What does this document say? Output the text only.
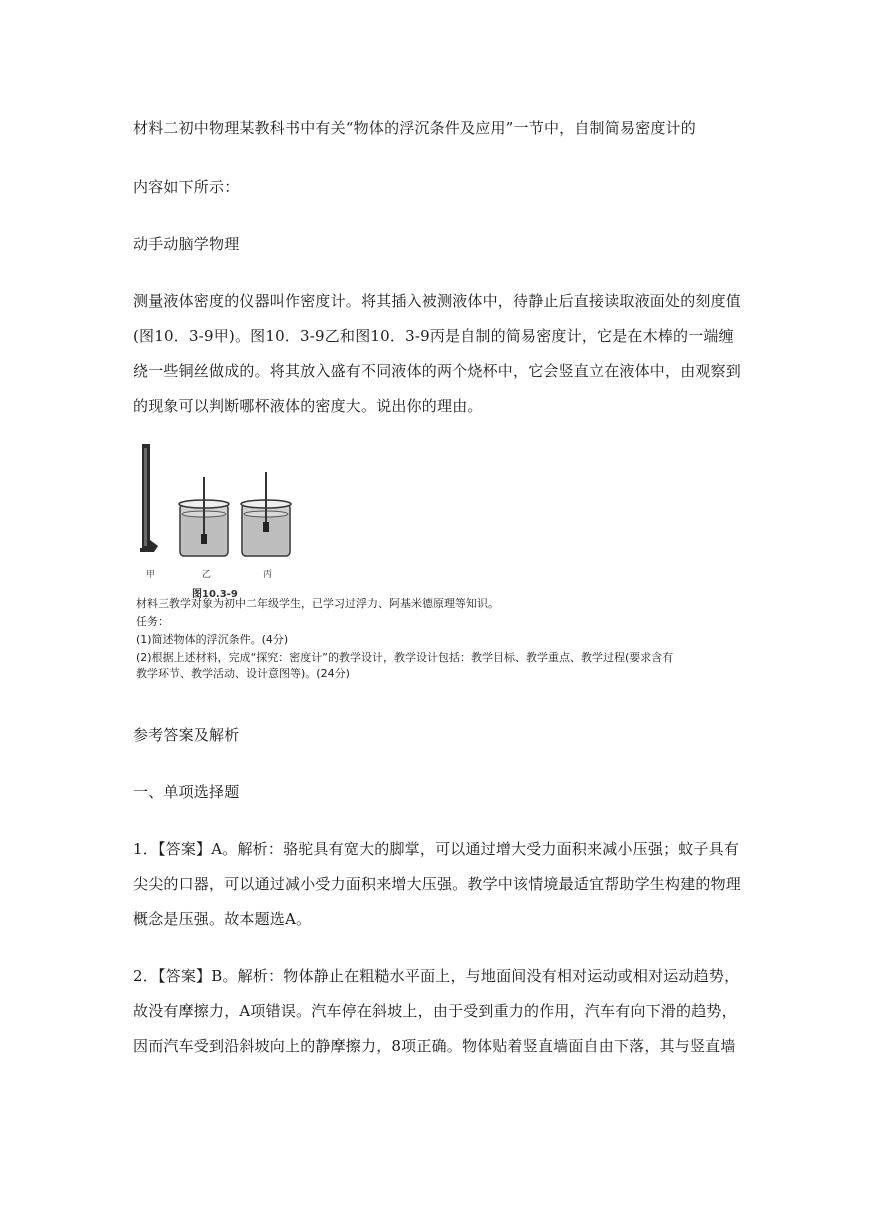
材料二初中物理某教科书中有关“物体的浮沉条件及应用”一节中，自制简易密度计的
内容如下所示：
动手动脑学物理
测量液体密度的仪器叫作密度计。将其插入被测液体中，待静止后直接读取液面处的刻度值
(图10．3-9甲)。图10．3-9乙和图10．3-9丙是自制的简易密度计，它是在木棒的一端缠
绕一些铜丝做成的。将其放入盛有不同液体的两个烧杯中，它会竖直立在液体中，由观察到
的现象可以判断哪杯液体的密度大。说出你的理由。
甲	乙	丙
图10.3-9
材料三教学对象为初中二年级学生，已学习过浮力、阿基米德原理等知识。
任务：
(1)简述物体的浮沉条件。(4分)
(2)根据上述材料，完成“探究：密度计”的教学设计，教学设计包括：教学目标、教学重点、教学过程(要求含有
教学环节、教学活动、设计意图等)。(24分)
参考答案及解析
一、单项选择题
1．【答案】A。解析：骆驼具有宽大的脚掌，可以通过增大受力面积来减小压强；蚊子具有
尖尖的口器，可以通过减小受力面积来增大压强。教学中该情境最适宜帮助学生构建的物理
概念是压强。故本题选A。
2．【答案】B。解析：物体静止在粗糙水平面上，与地面间没有相对运动或相对运动趋势，
故没有摩擦力，A项错误。汽车停在斜坡上，由于受到重力的作用，汽车有向下滑的趋势，
因而汽车受到沿斜坡向上的静摩擦力，8项正确。物体贴着竖直墙面自由下落，其与竖直墙
